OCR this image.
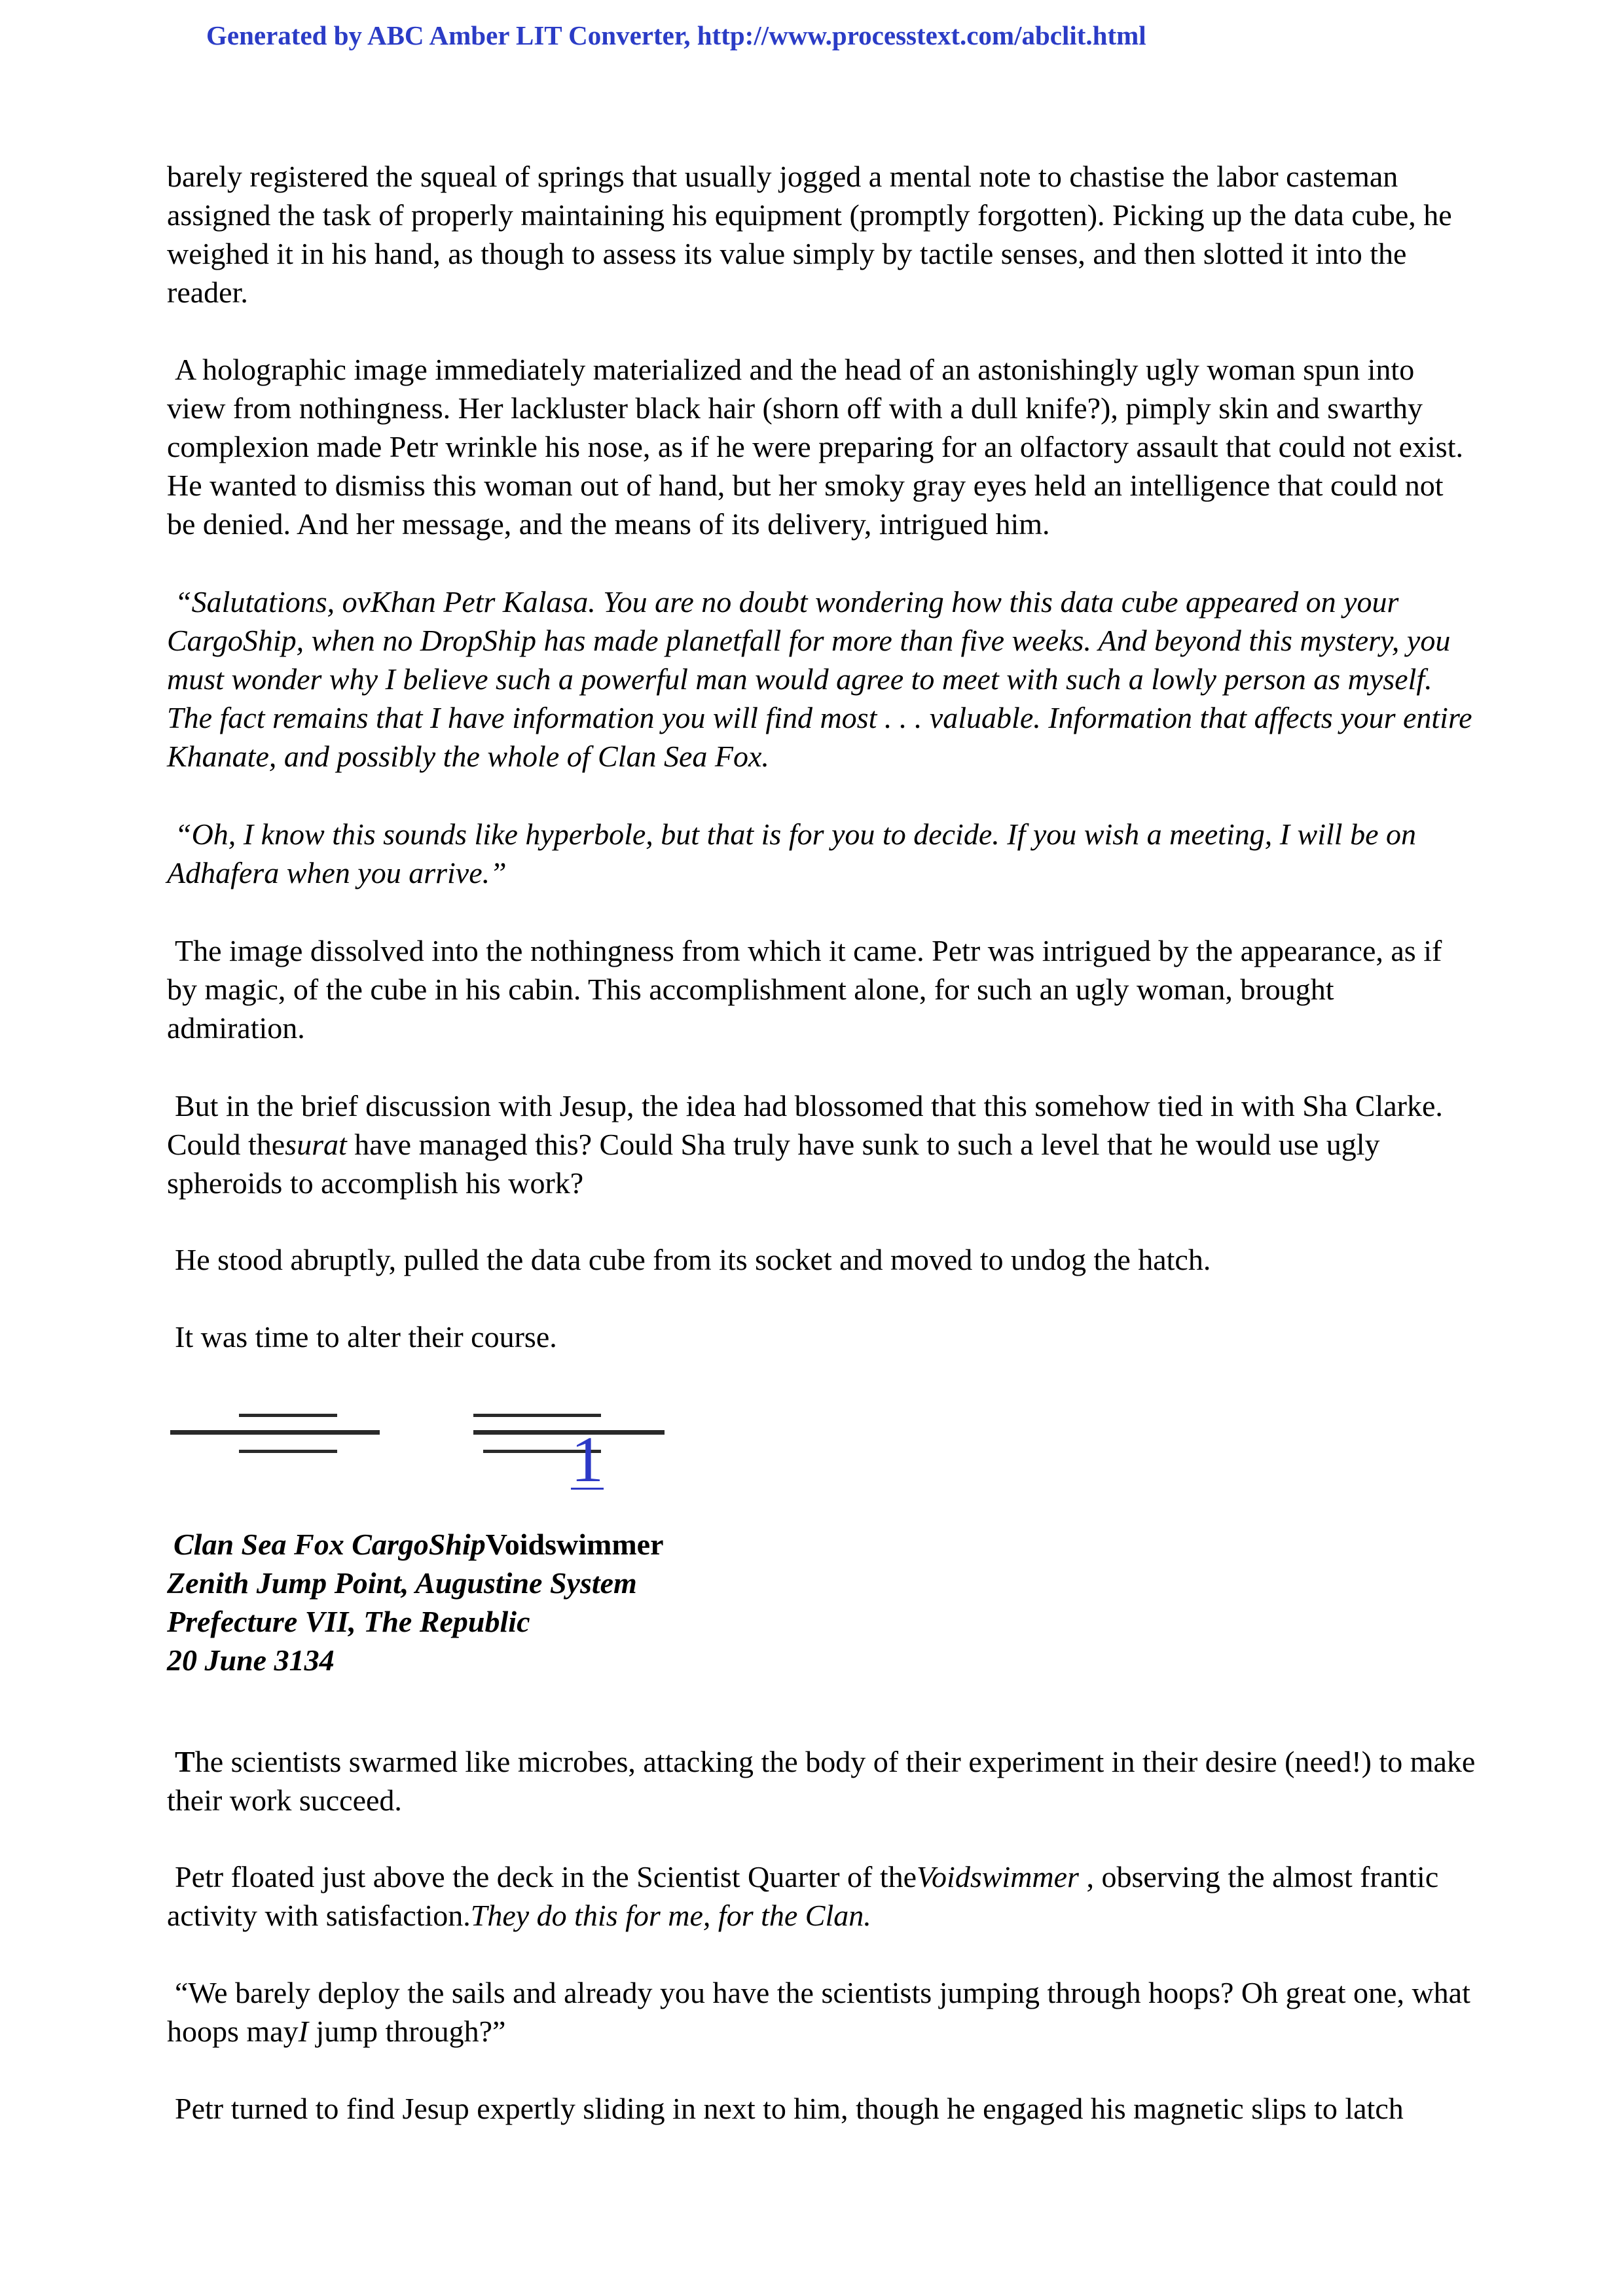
Generated by ABC Amber LIT Converter, http://www.processtext.com/abclit.html

barely registered the squeal of springs that usually jogged a mental note to chastise the labor casteman assigned the task of properly maintaining his equipment (promptly forgotten). Picking up the data cube, he weighed it in his hand, as though to assess its value simply by tactile senses, and then slotted it into the reader.

A holographic image immediately materialized and the head of an astonishingly ugly woman spun into view from nothingness. Her lackluster black hair (shorn off with a dull knife?), pimply skin and swarthy complexion made Petr wrinkle his nose, as if he were preparing for an olfactory assault that could not exist. He wanted to dismiss this woman out of hand, but her smoky gray eyes held an intelligence that could not be denied. And her message, and the means of its delivery, intrigued him.

“Salutations, ovKhan Petr Kalasa. You are no doubt wondering how this data cube appeared on your CargoShip, when no DropShip has made planetfall for more than five weeks. And beyond this mystery, you must wonder why I believe such a powerful man would agree to meet with such a lowly person as myself. The fact remains that I have information you will find most . . . valuable. Information that affects your entire Khanate, and possibly the whole of Clan Sea Fox.

“Oh, I know this sounds like hyperbole, but that is for you to decide. If you wish a meeting, I will be on Adhafera when you arrive.”

The image dissolved into the nothingness from which it came. Petr was intrigued by the appearance, as if by magic, of the cube in his cabin. This accomplishment alone, for such an ugly woman, brought admiration.

But in the brief discussion with Jesup, the idea had blossomed that this somehow tied in with Sha Clarke. Could thesurat have managed this? Could Sha truly have sunk to such a level that he would use ugly spheroids to accomplish his work?

He stood abruptly, pulled the data cube from its socket and moved to undog the hatch.

It was time to alter their course.

1
Clan Sea Fox CargoShipVoidswimmer
Zenith Jump Point, Augustine System
Prefecture VII, The Republic
20 June 3134

The scientists swarmed like microbes, attacking the body of their experiment in their desire (need!) to make their work succeed.

Petr floated just above the deck in the Scientist Quarter of theVoidswimmer , observing the almost frantic activity with satisfaction.They do this for me, for the Clan.

“We barely deploy the sails and already you have the scientists jumping through hoops? Oh great one, what hoops mayI jump through?”

Petr turned to find Jesup expertly sliding in next to him, though he engaged his magnetic slips to latch
